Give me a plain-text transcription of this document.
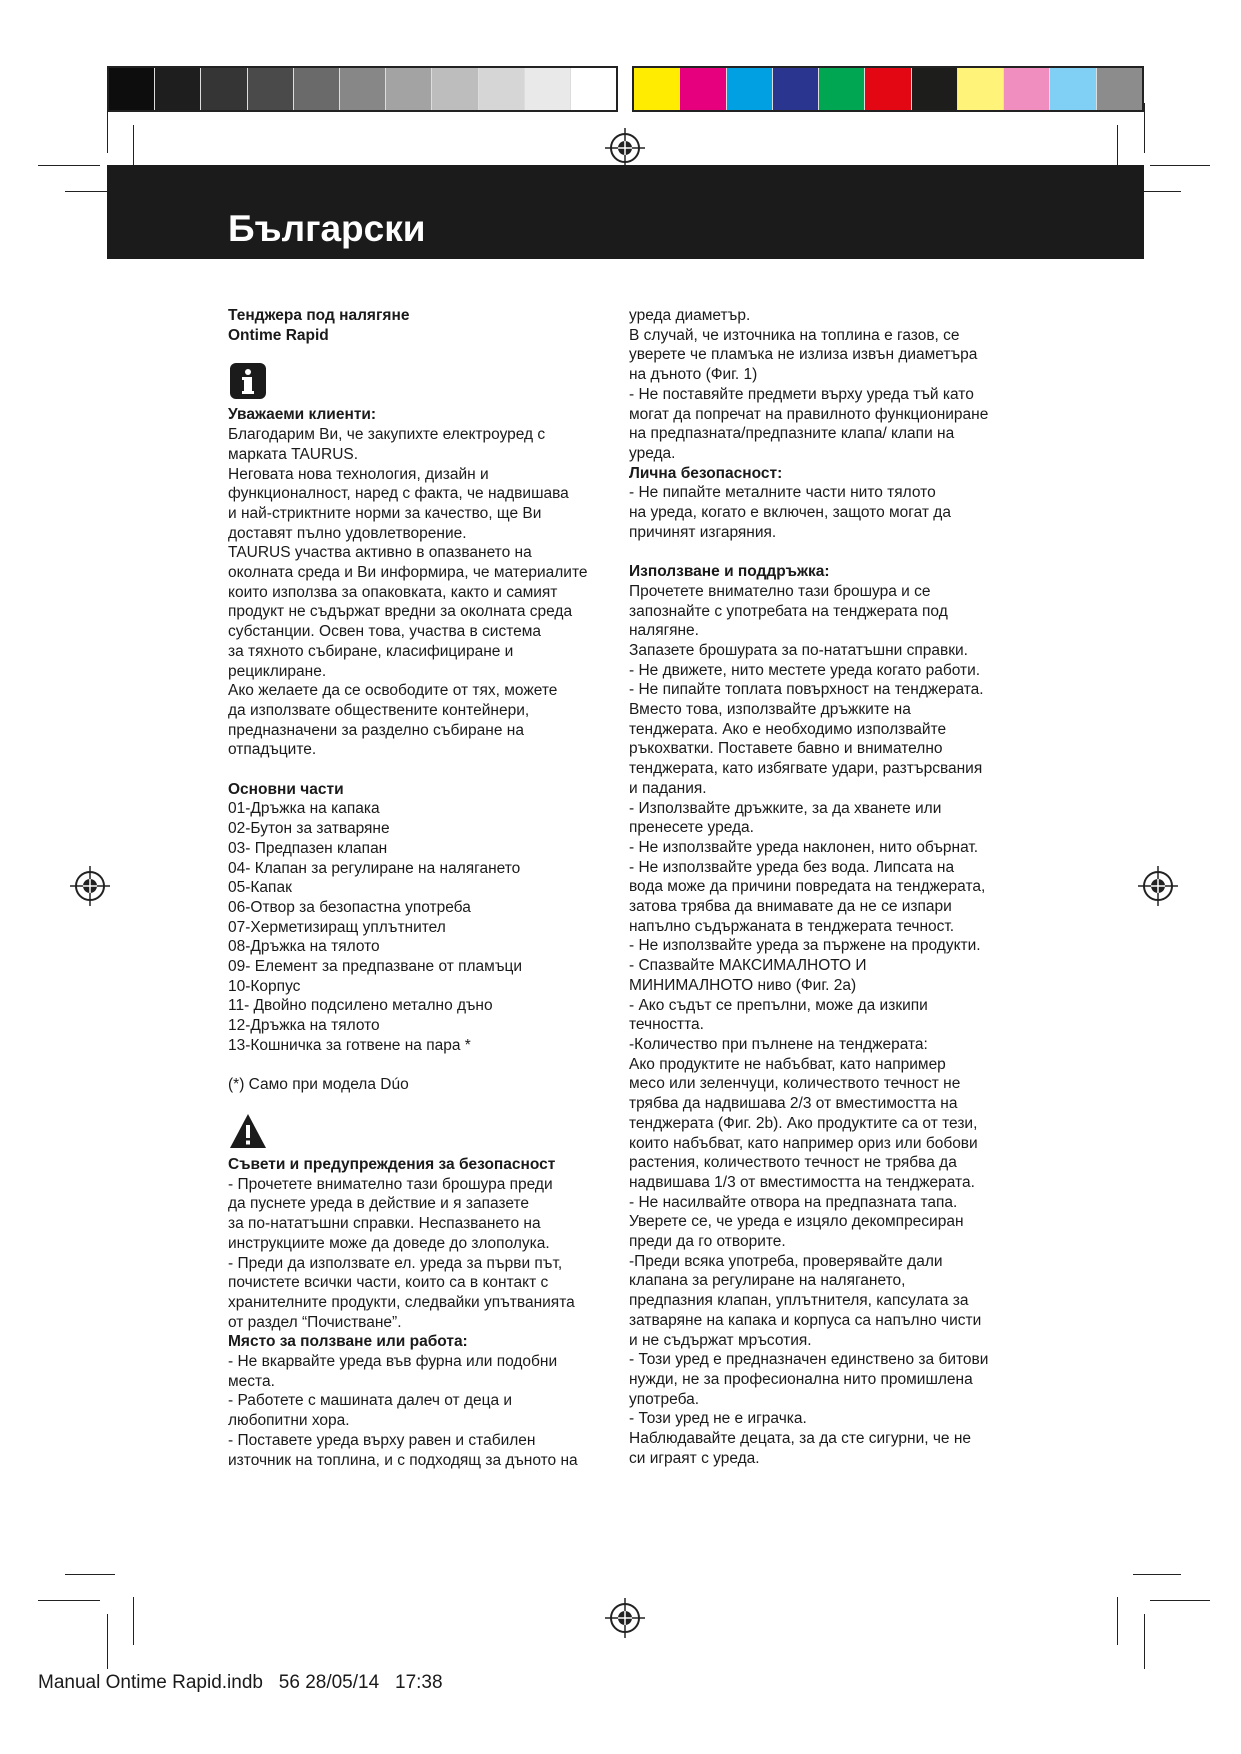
Български

Тенджера под налягяне

Ontime Rapid

Уважаеми клиенти:

Благодарим Ви, че закупихте електроуред с

марката TAURUS.

Неговата нова технология, дизайн и

функционалност, наред с факта, че надвишава

и най-стриктните норми за качество, ще Ви

доставят пълно удовлетворение.

TAURUS участва активно в опазването на

околната среда и Ви информира, че материалите

които използва за опаковката, както и самият

продукт не съдържат вредни за околната среда

субстанции. Освен това, участва в система

за тяхното събиране, класифициране и

рециклиране.

Ако желаете да се освободите от тях, можете

да използвате обществените контейнери,

предназначени за разделно събиране на

отпадъците.

Основни части

01-Дръжка на капака

02-Бутон за затваряне

03- Предпазен клапан

04- Клапан за регулиране на налягането

05-Капак

06-Отвор за безопастна употреба

07-Херметизиращ уплътнител

08-Дръжка на тялото

09- Елемент за предпазване от пламъци

10-Корпус

11- Двойно подсилено метално дъно

12-Дръжка на тялото

13-Кошничка за готвене на пара *

(*) Само при модела Dúo

Съвети и предупреждения за безопасност

- Прочетете внимателно тази брошура преди

да пуснете уреда в действие и я запазете

за по-нататъшни справки. Неспазването на

инструкциите може да доведе до злополука.

- Преди да използвате ел. уреда за първи път,

почистете всички части, които са в контакт с

хранителните продукти, следвайки упътванията

от раздел “Почистване”.

Място за ползване или работа:

- Не вкарвайте уреда във фурна или подобни

места.

- Работете с машината далеч от деца и

любопитни хора.

- Поставете уреда върху равен и стабилен

източник на топлина, и с подходящ за дъното на

уреда диаметър.

В случай, че източника на топлина е газов, се

уверете че пламъка не излиза извън диаметъра

на дъното (Фиг. 1)

- Не поставяйте предмети върху уреда тъй като

могат да попречат на правилното функциониране

на предпазната/предпазните клапа/ клапи на

уреда.

Лична безопасност:

- Не пипайте металните части нито тялото

на уреда, когато е включен, защото могат да

причинят изгаряния.

Използване и поддръжка:

Прочетете внимателно тази брошура и се

запознайте с употребата на тенджерата под

налягяне.

Запазете брошурата за по-нататъшни справки.

- Не движете, нито местете уреда когато работи.

- Не пипайте топлата повърхност на тенджерата.

Вместо това, използвайте дръжките на

тенджерата. Ако е необходимо използвайте

ръкохватки. Поставете бавно и внимателно

тенджерата, като избягвате удари, разтърсвания

и падания.

- Използвайте дръжките, за да хванете или

пренесете уреда.

- Не използвайте уреда наклонен, нито обърнат.

- Не използвайте уреда без вода. Липсата на

вода може да причини повредата на тенджерата,

затова трябва да внимавате да не се изпари

напълно съдържаната в тенджерата течност.

- Не използвайте уреда за пържене на продукти.

- Спазвайте МАКСИМАЛНОТО И

МИНИМАЛНОТО ниво (Фиг. 2a)

- Ако съдът се препълни, може да изкипи

течността.

-Количество при пълнене на тенджерата:

Ако продуктите не набъбват, като например

месо или зеленчуци, количеството течност не

трябва да надвишава 2/3 от вместимостта на

тенджерата (Фиг. 2b). Ако продуктите са от тези,

които набъбват, като например ориз или бобови

растения, количеството течност не трябва да

надвишава 1/3 от вместимостта на тенджерата.

- Не насилвайте отвора на предпазната тапа.

Уверете се, че уреда е изцяло декомпресиран

преди да го отворите.

-Преди всяка употреба, проверявайте дали

клапана за регулиране на налягането,

предпазния клапан, уплътнителя, капсулата за

затваряне на капака и корпуса са напълно чисти

и не съдържат мръсотия.

- Този уред е предназначен единствено за битови

нужди, не за професионална нито промишлена

употреба.

- Този уред не е играчка.

Наблюдавайте децата, за да сте сигурни, че не

си играят с уреда.

Manual Ontime Rapid.indb   56 28/05/14   17:38
